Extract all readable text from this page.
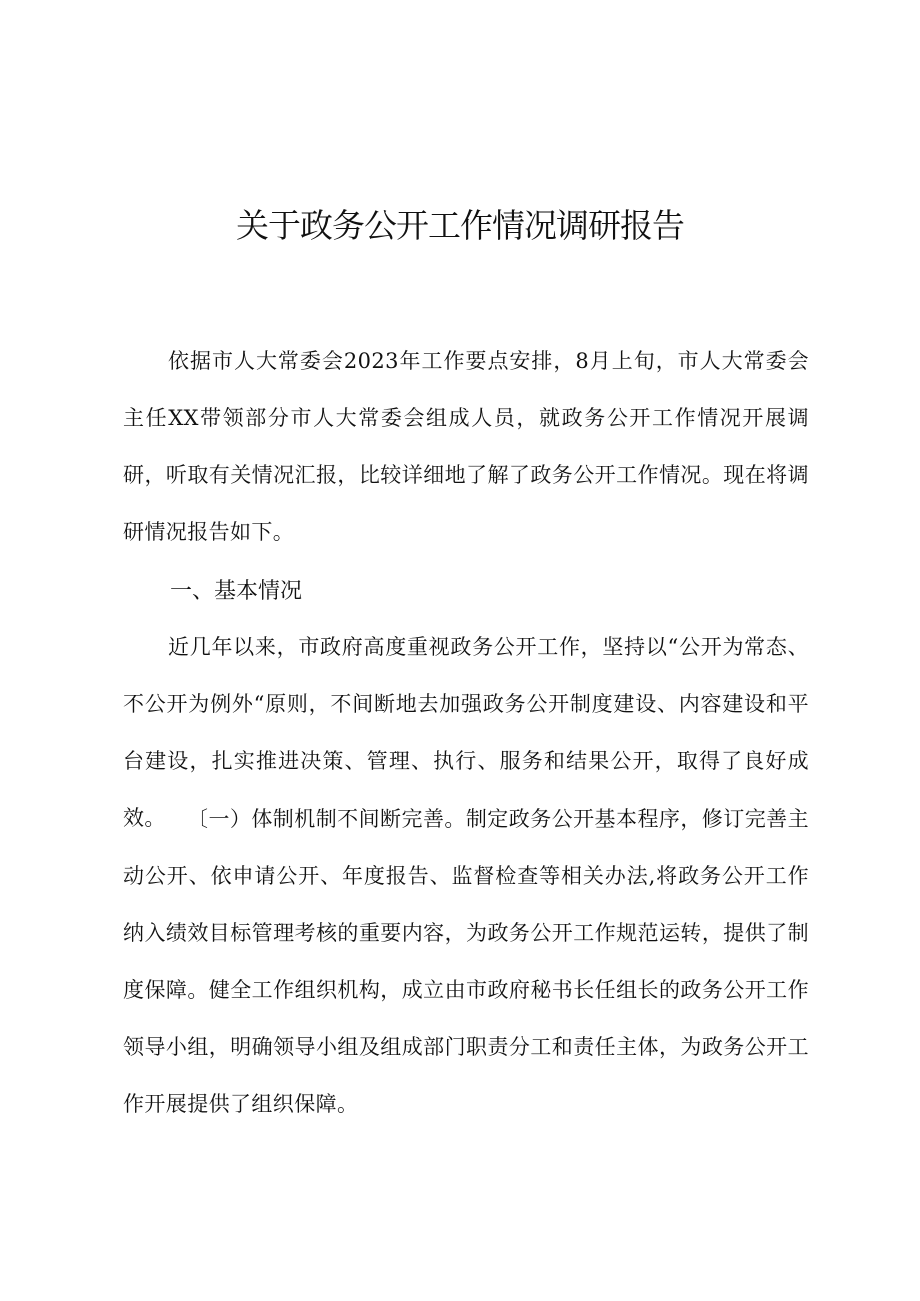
关于政务公开工作情况调研报告

依据市人大常委会2023年工作要点安排，8月上旬，市人大常委会主任XX带领部分市人大常委会组成人员，就政务公开工作情况开展调研，听取有关情况汇报，比较详细地了解了政务公开工作情况。现在将调研情况报告如下。

一、基本情况

近几年以来，市政府高度重视政务公开工作，坚持以“公开为常态、不公开为例外“原则，不间断地去加强政务公开制度建设、内容建设和平台建设，扎实推进决策、管理、执行、服务和结果公开，取得了良好成效。	〔一）体制机制不间断完善。制定政务公开基本程序，修订完善主动公开、依申请公开、年度报告、监督检查等相关办法,将政务公开工作纳入绩效目标管理考核的重要内容，为政务公开工作规范运转，提供了制度保障。健全工作组织机构，成立由市政府秘书长任组长的政务公开工作领导小组，明确领导小组及组成部门职责分工和责任主体，为政务公开工作开展提供了组织保障。
